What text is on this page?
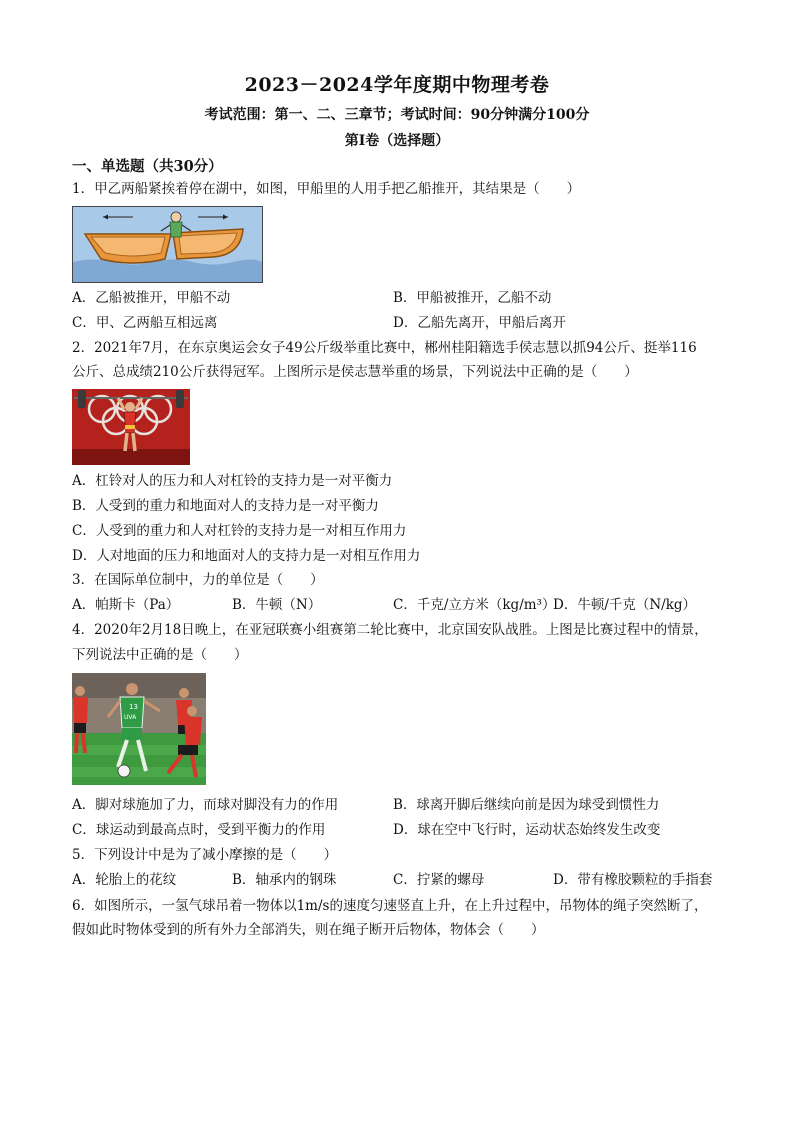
2023－2024学年度期中物理考卷
考试范围：第一、二、三章节；考试时间：90分钟满分100分
第Ⅰ卷（选择题）
一、单选题（共30分）
1．甲乙两船紧挨着停在湖中，如图，甲船里的人用手把乙船推开，其结果是（　　）
A．乙船被推开，甲船不动	B．甲船被推开，乙船不动
C．甲、乙两船互相远离	D．乙船先离开，甲船后离开
2．2021年7月，在东京奥运会女子49公斤级举重比赛中，郴州桂阳籍选手侯志慧以抓94公斤、挺举116
公斤、总成绩210公斤获得冠军。上图所示是侯志慧举重的场景，下列说法中正确的是（　　）
A．杠铃对人的压力和人对杠铃的支持力是一对平衡力
B．人受到的重力和地面对人的支持力是一对平衡力
C．人受到的重力和人对杠铃的支持力是一对相互作用力
D．人对地面的压力和地面对人的支持力是一对相互作用力
3．在国际单位制中，力的单位是（　　）
A．帕斯卡（Pa）	B．牛顿（N）	C．千克/立方米（kg/m³）
D．牛顿/千克（N/kg）
4．2020年2月18日晚上，在亚冠联赛小组赛第二轮比赛中，北京国安队战胜。上图是比赛过程中的情景，
下列说法中正确的是（　　）
13
UVA
A．脚对球施加了力，而球对脚没有力的作用	B．球离开脚后继续向前是因为球受到惯性力
C．球运动到最高点时，受到平衡力的作用	D．球在空中飞行时，运动状态始终发生改变
5．下列设计中是为了减小摩擦的是（　　）
A．轮胎上的花纹	B．轴承内的钢珠	C．拧紧的螺母	D．带有橡胶颗粒的手指套
6．如图所示，一氢气球吊着一物体以1m/s的速度匀速竖直上升，在上升过程中，吊物体的绳子突然断了，
假如此时物体受到的所有外力全部消失，则在绳子断开后物体，物体会（　　）
